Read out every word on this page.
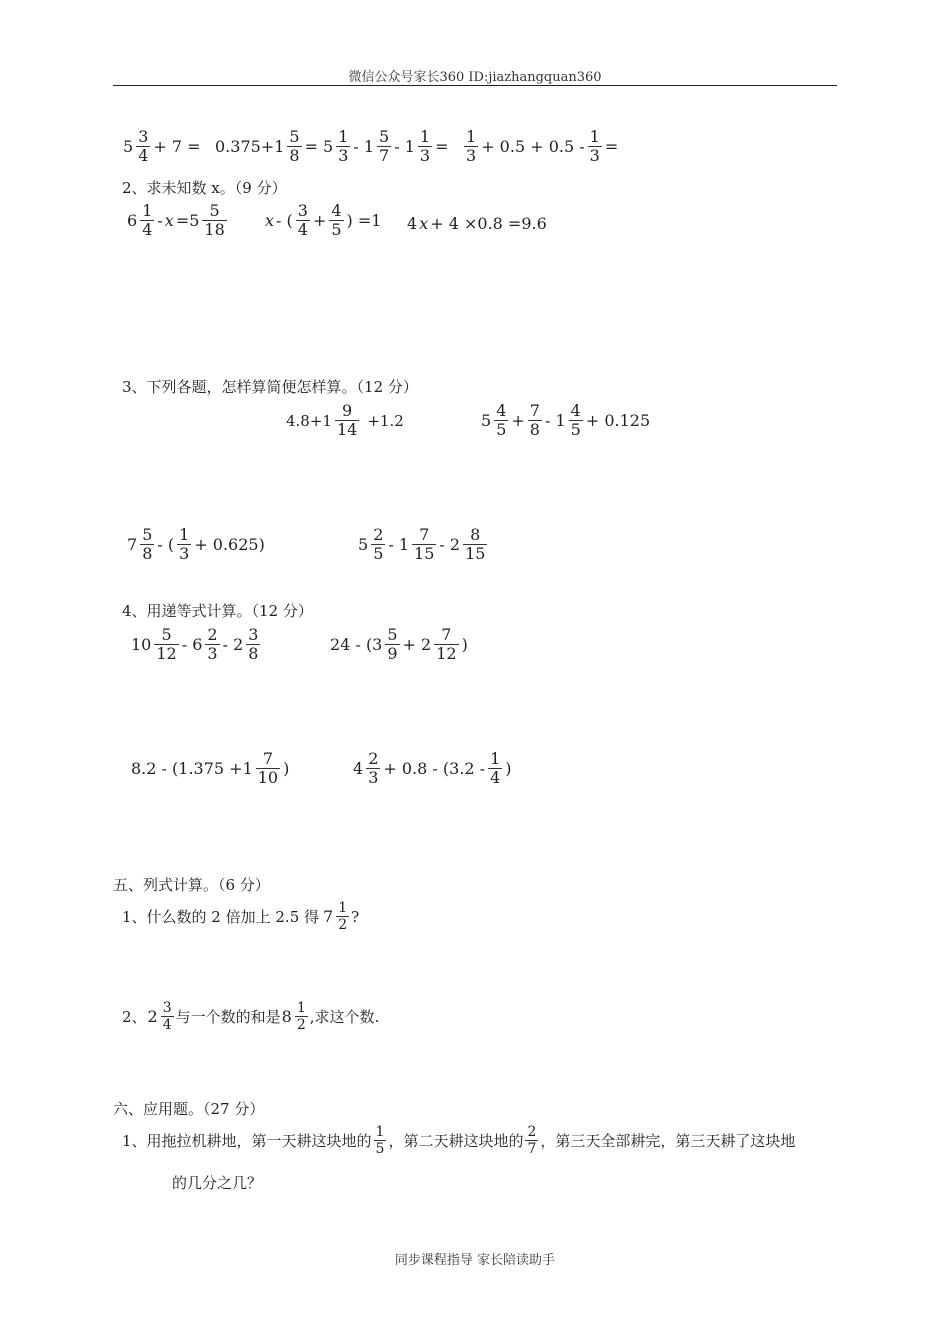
微信公众号家长360 ID:jiazhangquan360
$5 \frac{3}{4} + 7 = 0.375+1 \frac{5}{8} = 5 \frac{1}{3} - 1 \frac{5}{7} - 1 \frac{1}{3} = \frac{1}{3} + 0.5 + 0.5 - \frac{1}{3}$ =
2、求未知数 x。（9 分）
$6 \frac{1}{4} - x =5 \frac{5}{18}$ x - ( $\frac{3}{4} + \frac{4}{5}$ ) =1 4 x + 4 ×0.8 =9.6
3、下列各题，怎样算简便怎样算。（12 分）
$4.8+1 \frac{9}{14} +1.2$	$5 \frac{4}{5} + \frac{7}{8} - 1 \frac{4}{5} + 0.125$
$7 \frac{5}{8}$ - ( $\frac{1}{3} + 0.625$)	$5 \frac{2}{5} - 1 \frac{7}{15} - 2 \frac{8}{15}$
4、用递等式计算。（12 分）
$10 \frac{5}{12} - 6 \frac{2}{3} - 2 \frac{3}{8}$	$24 - (3 \frac{5}{9} + 2 \frac{7}{12}$ )
$8.2 - (1.375 +1 \frac{7}{10}$ )	$4 \frac{2}{3} + 0.8 - (3.2 - \frac{1}{4}$ )
五、列式计算。（6 分）
1、什么数的 2 倍加上 2.5 得 $7 \frac{1}{2}$ ?
2、 $2 \frac{3}{4}$ 与一个数的和是 $8 \frac{1}{2}$ ,求这个数.
六、应用题。（27 分）
1、用拖拉机耕地，第一天耕这块地的 $\frac{1}{5}$ ，第二天耕这块地的 $\frac{2}{7}$ ，第三天全部耕完，第三天耕了这块地
的几分之几？
同步课程指导 家长陪读助手
